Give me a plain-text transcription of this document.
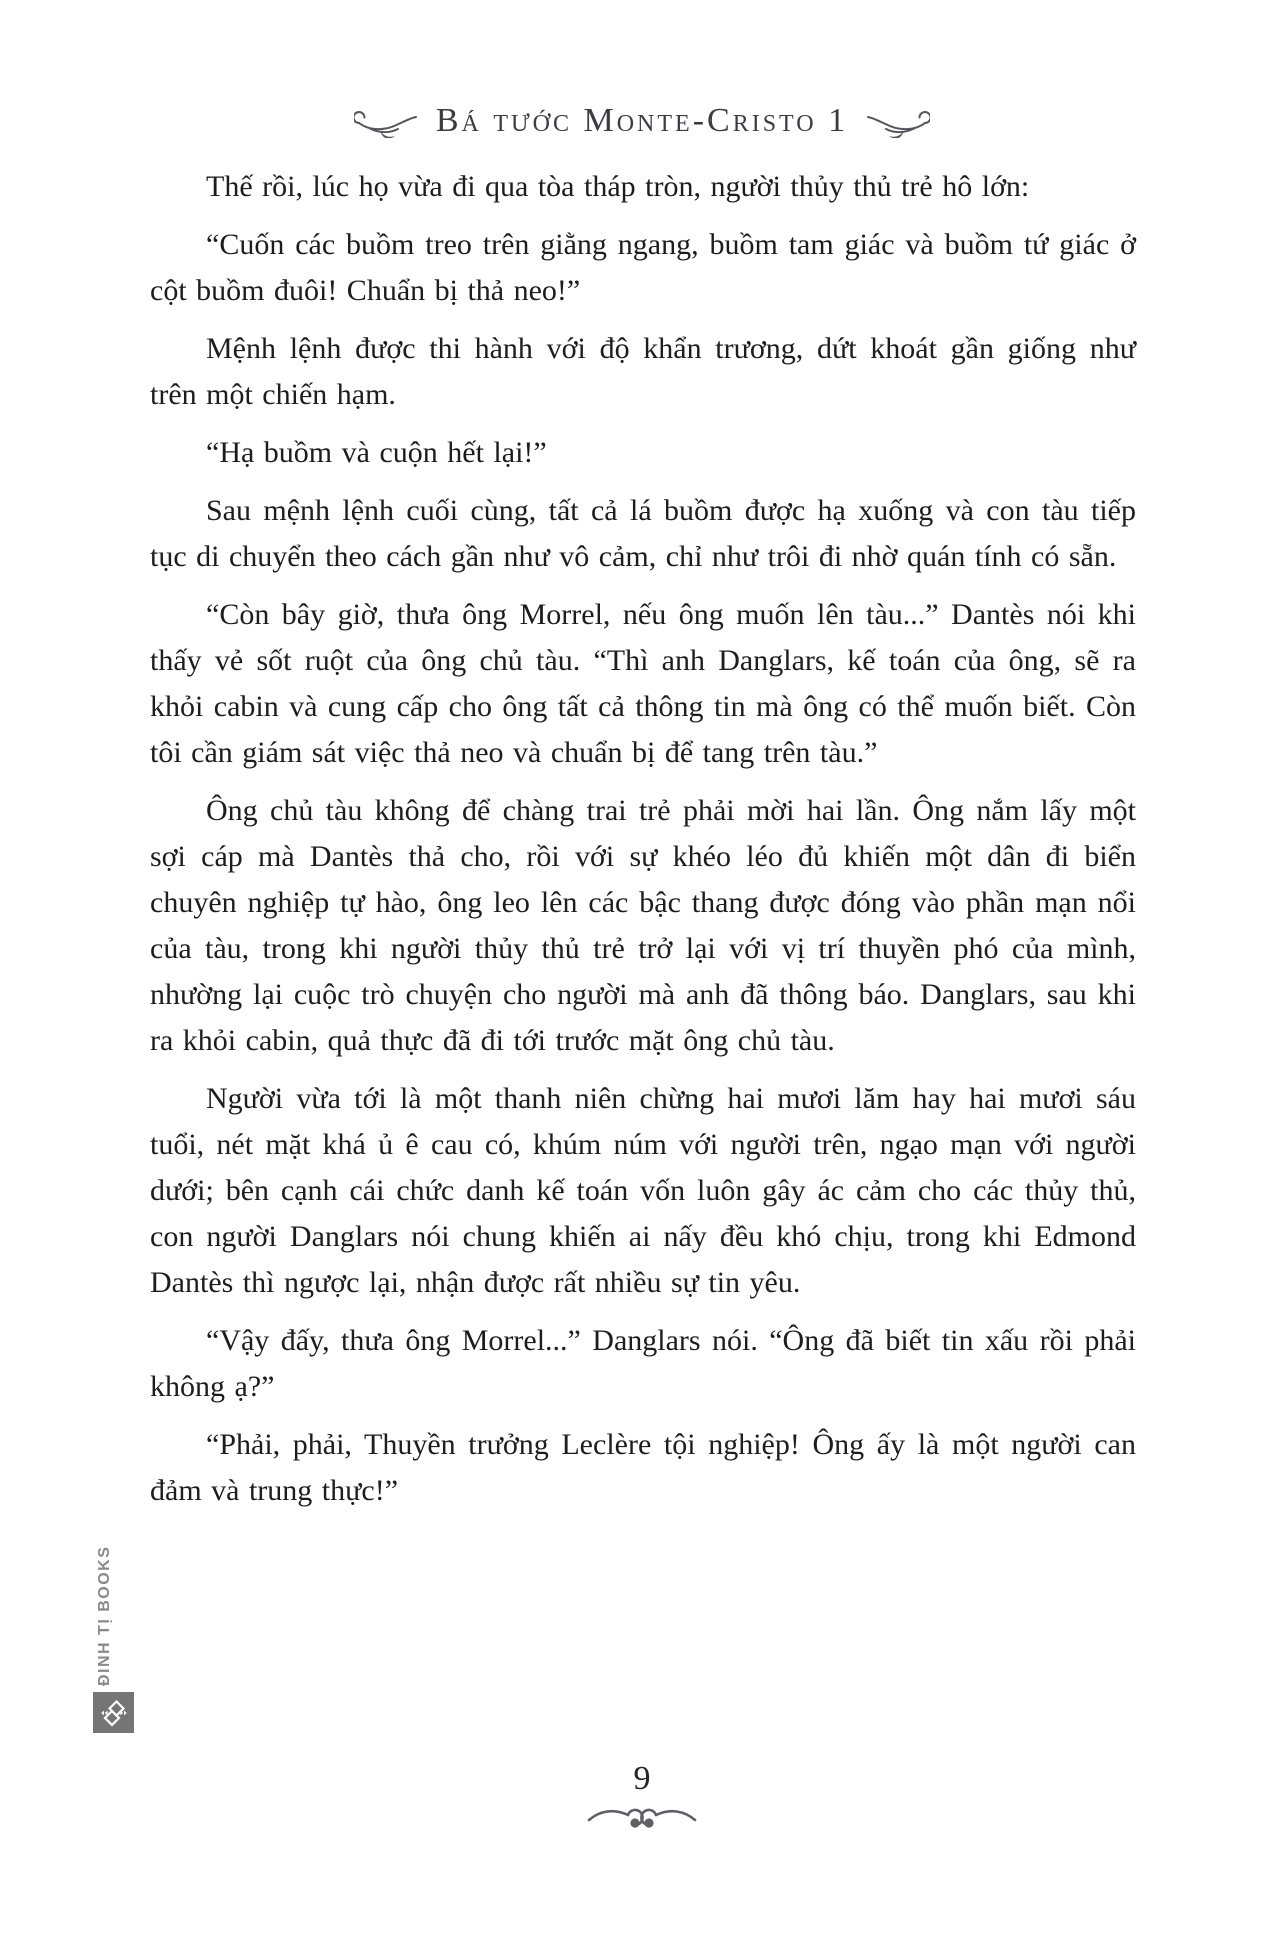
Bá tước Monte-Cristo 1

Thế rồi, lúc họ vừa đi qua tòa tháp tròn, người thủy thủ trẻ hô lớn:

“Cuốn các buồm treo trên giằng ngang, buồm tam giác và buồm tứ giác ở cột buồm đuôi! Chuẩn bị thả neo!”

Mệnh lệnh được thi hành với độ khẩn trương, dứt khoát gần giống như trên một chiến hạm.

“Hạ buồm và cuộn hết lại!”

Sau mệnh lệnh cuối cùng, tất cả lá buồm được hạ xuống và con tàu tiếp tục di chuyển theo cách gần như vô cảm, chỉ như trôi đi nhờ quán tính có sẵn.

“Còn bây giờ, thưa ông Morrel, nếu ông muốn lên tàu...” Dantès nói khi thấy vẻ sốt ruột của ông chủ tàu. “Thì anh Danglars, kế toán của ông, sẽ ra khỏi cabin và cung cấp cho ông tất cả thông tin mà ông có thể muốn biết. Còn tôi cần giám sát việc thả neo và chuẩn bị để tang trên tàu.”

Ông chủ tàu không để chàng trai trẻ phải mời hai lần. Ông nắm lấy một sợi cáp mà Dantès thả cho, rồi với sự khéo léo đủ khiến một dân đi biển chuyên nghiệp tự hào, ông leo lên các bậc thang được đóng vào phần mạn nổi của tàu, trong khi người thủy thủ trẻ trở lại với vị trí thuyền phó của mình, nhường lại cuộc trò chuyện cho người mà anh đã thông báo. Danglars, sau khi ra khỏi cabin, quả thực đã đi tới trước mặt ông chủ tàu.

Người vừa tới là một thanh niên chừng hai mươi lăm hay hai mươi sáu tuổi, nét mặt khá ủ ê cau có, khúm núm với người trên, ngạo mạn với người dưới; bên cạnh cái chức danh kế toán vốn luôn gây ác cảm cho các thủy thủ, con người Danglars nói chung khiến ai nấy đều khó chịu, trong khi Edmond Dantès thì ngược lại, nhận được rất nhiều sự tin yêu.

“Vậy đấy, thưa ông Morrel...” Danglars nói. “Ông đã biết tin xấu rồi phải không ạ?”

“Phải, phải, Thuyền trưởng Leclère tội nghiệp! Ông ấy là một người can đảm và trung thực!”

ĐINH TỊ BOOKS
9
